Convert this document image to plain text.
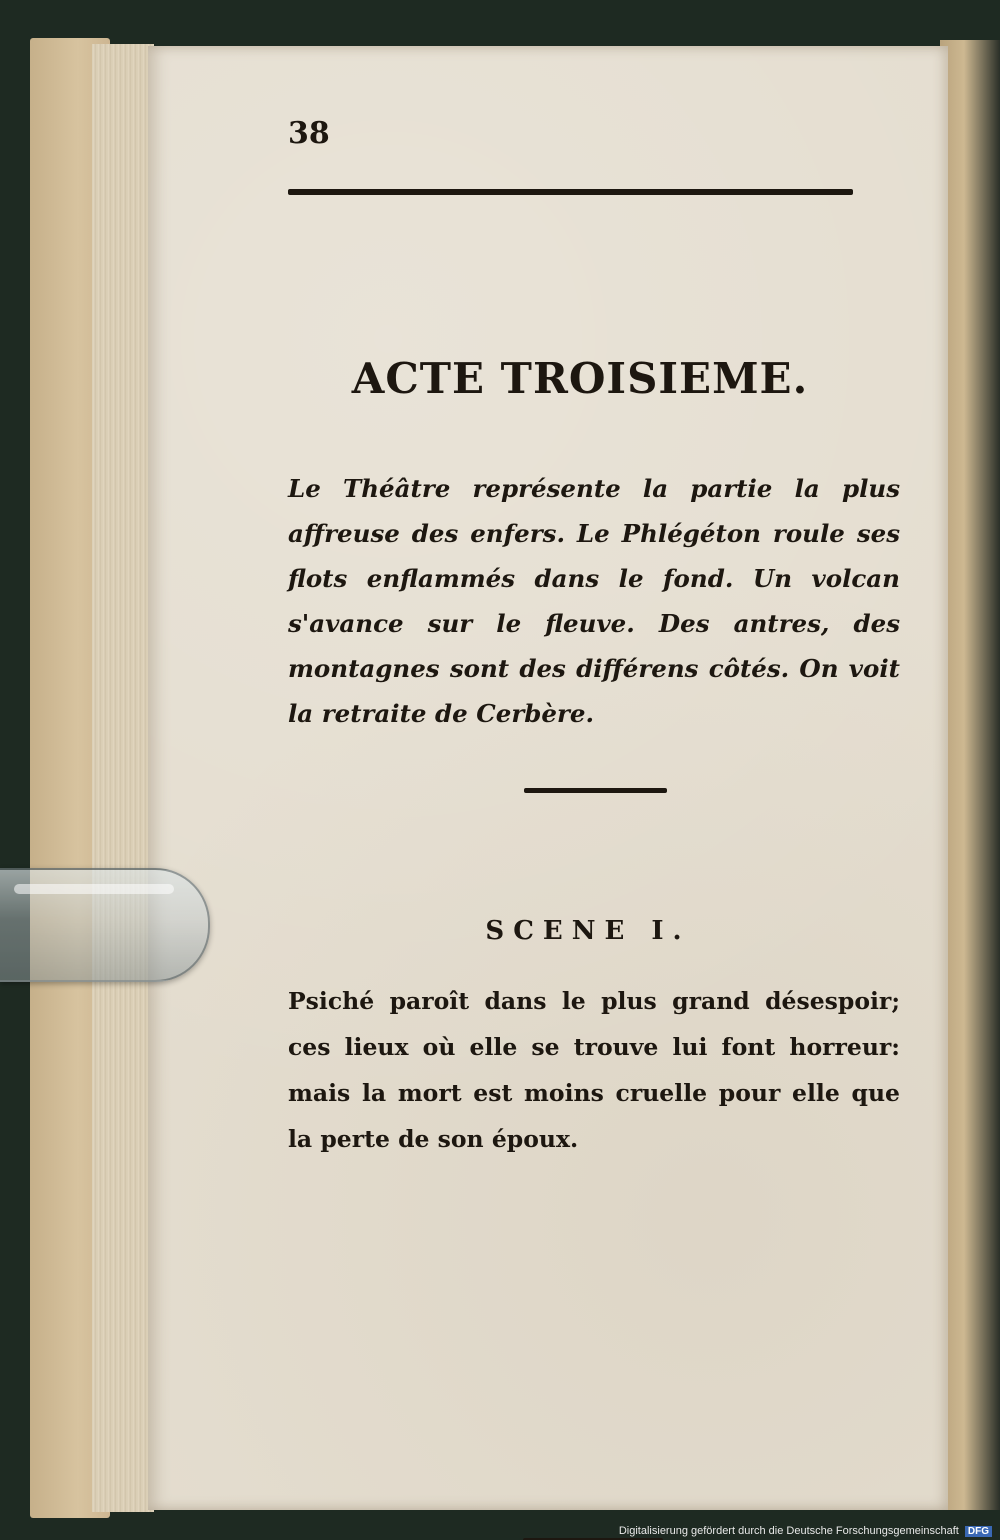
38

ACTE TROISIEME.

Le Théâtre représente la partie la plus affreuse des enfers. Le Phlégéton roule ses flots enflammés dans le fond. Un volcan s'avance sur le fleuve. Des antres, des montagnes sont des différens côtés. On voit la retraite de Cerbère.

SCENE I.

Psiché paroît dans le plus grand désespoir; ces lieux où elle se trouve lui font horreur: mais la mort est moins cruelle pour elle que la perte de son époux.

Digitalisierung gefördert durch die Deutsche Forschungsgemeinschaft DFG
